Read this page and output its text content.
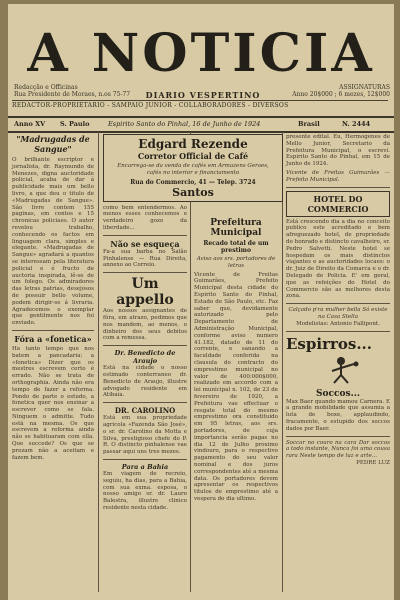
Redacção e Officinas
Rua Presidente de Moraes, n.os 75-77
A NOTICIA
ASSIGNATURAS
Anno 20$000 ; 6 mezes, 12$000
DIARIO VESPERTINO
REDACTOR-PROPRIETARIO - SAMPAIO JUNIOR - COLLABORADORES - DIVERSOS
Anno XV S. Paulo	Espirito Santo do Pinhal, 16 de Junho de 1924	Brasil	N. 2444
"Madrugadas de Sangue"

O brilhante escriptor e jornalista, dr. Raymundo de Menezes, digna auctoridade policial, acaba de dar á publicidade mais um bello livro, a que deu o titulo de «Madrugadas de Sangue». São livre contem 155 paginas, em contos e 15 chronicas policiaes. O autor revelou trabalho, conhecendo os factos em linguagem clara, simples e elegante. «Madrugadas de Sangue» agradará a quantos se interessam pela literatura policial e é fructo de auctoria inspirada, lê-se de um folego. Os admiradores das letras patrias, desejosos de possuir bello volume, podem dirigir-se á livraria. Agradecemos o exemplar que gentilmente nos foi enviado.

Fóra a «fonetica»

Ha tanto tempo que nos batem a pancadaria: a «fonetica» Dizer que os mestres escrevem certo é errado. Não se trata de orthographia. Ainda não era tempo de fazer a reforma. Pondo de parte o estudo, a fonetica quer nos ensinar a escrever como se fala. Ninguem o admitte. Tudo está na mesma. Os que escrevem a reforma ainda não se habituaram com ella. Que succede? Os que se prezam não a aceitam e fazem bem.

Edgard Rezende
Corretor Official de Café
Encarrega-se da venda de cafés em Armazens Geraes, cafés no interior e financiamento
Rua do Commercio, 41 — Telep. 3724
Santos

como bem entendermos. Ao menos esses conhecemos e verdadeiro gozo da liberdade...

Não se esqueça

Fa-a sua barba no Salão Pinhalense — Rua Direita, annexo ao Correio.

Um appello

Aos nossos assignantes de fóra, em atrazo, pedimos que nos mandem, ao menos, o dinheiro dos seus debitos com a remessa.

Dr. Benedicto de Araujo

Está na cidade o nosso estimado conterraneo dr. Benedicto de Araujo, illustre advogado residente em Atibaia.

DR. CAROLINO

Está em sua propriedade agricola «Fazenda São José», o sr. dr. Carolino da Motta e Silva, prestigioso chefe do P. R. O distincto pinhalense vae passar aqui uns tres mezes.

Para a Bahia

Em viagem de recreio, seguiu, ha dias, para a Bahia, com sua exma. esposa, o nosso amigo sr. dr. Lauro Balestra, illustre clinico residente nesta cidade.

Prefeitura Municipal
Recado total de um prestimo
Aviso aos srs. portadores de letras

Vicente de Freitas Guimarães, Prefeito Municipal desta cidade do Espirito Santo do Pinhal, Estado de São Paulo, etc. Faz saber que, devidamente autorizado pelo Departamento de Administração Municipal, conforme aviso numero 41.182, datado de 11 do corrente, e sanando a faculdade conferida na clausula do contracto do emprestimo municipal no valor de 400:000$000, realizado em accordo com a lei municipal n. 102, de 23 de fevereiro de 1920, a Prefeitura vae effectuar o resgate total do mesmo emprestimo ora constituido em 95 letras, aos srs. portadores, de cuja importancia serão pagas no dia 12 de Julho proximo vindouro, para o respectivo pagamento do seu valor nominal e dos juros correspondentes até a mesma data. Os portadores devem apresentar os respectivos titulos de emprestimo até a vespera do dia ultimo.

presente edital. Eu, Hermogenes de Mello Junior, Secretario da Prefeitura Municipal, o escrevi. Espirito Santo do Pinhal, em 15 de Junho de 1924.

Vicente de Freitas Guimarães — Prefeito Municipal.
HOTEL DO COMMERCIO

Está crescendo dia a dia no conceito publico este acreditado e bem afreguezado hotel, de propriedade do honrado e distincto cavalheiro, sr. Pedro Salvetti. Neste hotel se hospedam os mais distinctos viajantes e as auctoridades locaes: o dr. Juiz de Direito da Comarca e o dr. Delegado de Policia. E' em geral, que as refeições do Hotel do Commercio são as melhores desta zona.

Calçado p'ra mulher bella Só existe na Casa Stella
Modelistas: Antonio Fallipont.
Espirros...
Soccos...

Max Baer quando mamou Carnera. E a grande mobilidade que assumia a luta de boxe, applaudindo, fracamente, o estupido dos soccos dados por Baer.

Soccar no couro na cara Dar soccos a todo instante, Nunca foi uma cousa rara Neste tempo de luz e arte...

PEDRE LUZ
